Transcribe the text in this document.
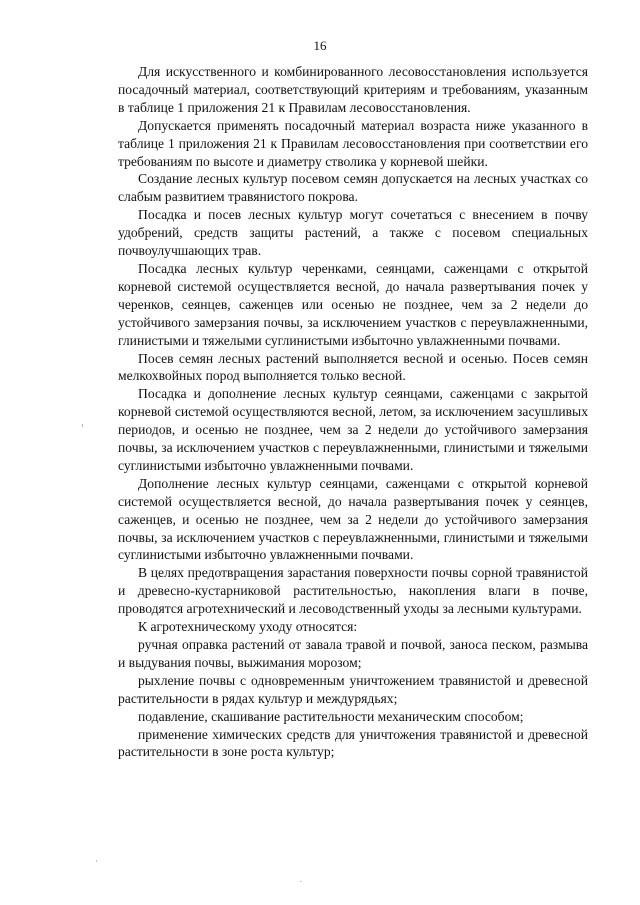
16

Для искусственного и комбинированного лесовосстановления используется посадочный материал, соответствующий критериям и требованиям, указанным в таблице 1 приложения 21 к Правилам лесовосстановления.

Допускается применять посадочный материал возраста ниже указанного в таблице 1 приложения 21 к Правилам лесовосстановления при соответствии его требованиям по высоте и диаметру стволика у корневой шейки.

Создание лесных культур посевом семян допускается на лесных участках со слабым развитием травянистого покрова.

Посадка и посев лесных культур могут сочетаться с внесением в почву удобрений, средств защиты растений, а также с посевом специальных почвоулучшающих трав.

Посадка лесных культур черенками, сеянцами, саженцами с открытой корневой системой осуществляется весной, до начала развертывания почек у черенков, сеянцев, саженцев или осенью не позднее, чем за 2 недели до устойчивого замерзания почвы, за исключением участков с переувлажненными, глинистыми и тяжелыми суглинистыми избыточно увлажненными почвами.

Посев семян лесных растений выполняется весной и осенью. Посев семян мелкохвойных пород выполняется только весной.

Посадка и дополнение лесных культур сеянцами, саженцами с закрытой корневой системой осуществляются весной, летом, за исключением засушливых периодов, и осенью не позднее, чем за 2 недели до устойчивого замерзания почвы, за исключением участков с переувлажненными, глинистыми и тяжелыми суглинистыми избыточно увлажненными почвами.

Дополнение лесных культур сеянцами, саженцами с открытой корневой системой осуществляется весной, до начала развертывания почек у сеянцев, саженцев, и осенью не позднее, чем за 2 недели до устойчивого замерзания почвы, за исключением участков с переувлажненными, глинистыми и тяжелыми суглинистыми избыточно увлажненными почвами.

В целях предотвращения зарастания поверхности почвы сорной травянистой и древесно-кустарниковой растительностью, накопления влаги в почве, проводятся агротехнический и лесоводственный уходы за лесными культурами.

К агротехническому уходу относятся:

ручная оправка растений от завала травой и почвой, заноса песком, размыва и выдувания почвы, выжимания морозом;

рыхление почвы с одновременным уничтожением травянистой и древесной растительности в рядах культур и междурядьях;

подавление, скашивание растительности механическим способом;

применение химических средств для уничтожения травянистой и древесной растительности в зоне роста культур;
